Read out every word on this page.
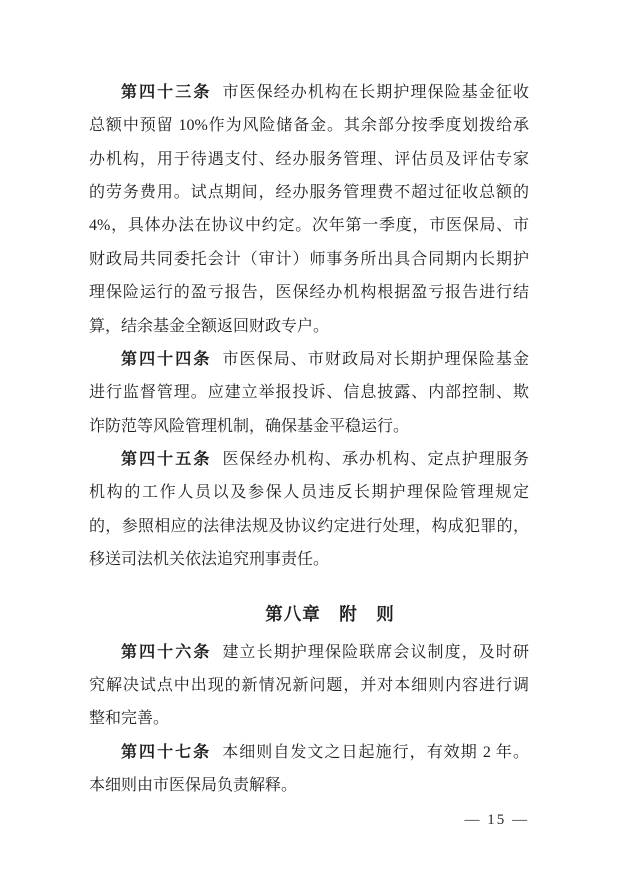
第四十三条 市医保经办机构在长期护理保险基金征收
总额中预留 10%作为风险储备金。其余部分按季度划拨给承
办机构，用于待遇支付、经办服务管理、评估员及评估专家
的劳务费用。试点期间，经办服务管理费不超过征收总额的
4%，具体办法在协议中约定。次年第一季度，市医保局、市
财政局共同委托会计（审计）师事务所出具合同期内长期护
理保险运行的盈亏报告，医保经办机构根据盈亏报告进行结
算，结余基金全额返回财政专户。
第四十四条 市医保局、市财政局对长期护理保险基金
进行监督管理。应建立举报投诉、信息披露、内部控制、欺
诈防范等风险管理机制，确保基金平稳运行。
第四十五条 医保经办机构、承办机构、定点护理服务
机构的工作人员以及参保人员违反长期护理保险管理规定
的，参照相应的法律法规及协议约定进行处理，构成犯罪的，
移送司法机关依法追究刑事责任。
第八章　附　则
第四十六条 建立长期护理保险联席会议制度，及时研
究解决试点中出现的新情况新问题，并对本细则内容进行调
整和完善。
第四十七条 本细则自发文之日起施行，有效期 2 年。
本细则由市医保局负责解释。
— 15 —
